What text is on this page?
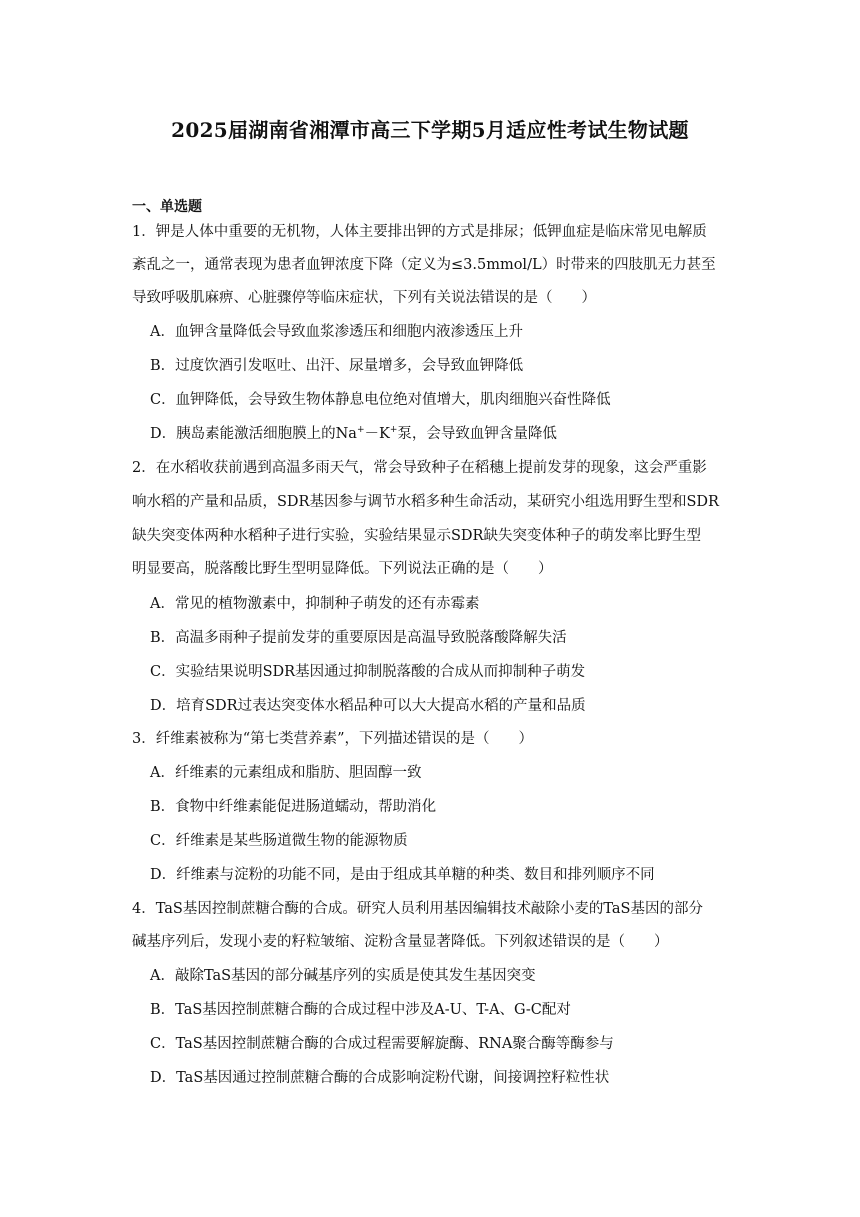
2025届湖南省湘潭市高三下学期5月适应性考试生物试题
一、单选题
1．钾是人体中重要的无机物，人体主要排出钾的方式是排尿；低钾血症是临床常见电解质
紊乱之一，通常表现为患者血钾浓度下降（定义为≤3.5mmol/L）时带来的四肢肌无力甚至
导致呼吸肌麻痹、心脏骤停等临床症状，下列有关说法错误的是（　　）
A．血钾含量降低会导致血浆渗透压和细胞内液渗透压上升
B．过度饮酒引发呕吐、出汗、尿量增多，会导致血钾降低
C．血钾降低，会导致生物体静息电位绝对值增大，肌肉细胞兴奋性降低
D．胰岛素能激活细胞膜上的Na+－K+泵，会导致血钾含量降低
2．在水稻收获前遇到高温多雨天气，常会导致种子在稻穗上提前发芽的现象，这会严重影
响水稻的产量和品质，SDR基因参与调节水稻多种生命活动，某研究小组选用野生型和SDR
缺失突变体两种水稻种子进行实验，实验结果显示SDR缺失突变体种子的萌发率比野生型
明显要高，脱落酸比野生型明显降低。下列说法正确的是（　　）
A．常见的植物激素中，抑制种子萌发的还有赤霉素
B．高温多雨种子提前发芽的重要原因是高温导致脱落酸降解失活
C．实验结果说明SDR基因通过抑制脱落酸的合成从而抑制种子萌发
D．培育SDR过表达突变体水稻品种可以大大提高水稻的产量和品质
3．纤维素被称为“第七类营养素”，下列描述错误的是（　　）
A．纤维素的元素组成和脂肪、胆固醇一致
B．食物中纤维素能促进肠道蠕动，帮助消化
C．纤维素是某些肠道微生物的能源物质
D．纤维素与淀粉的功能不同，是由于组成其单糖的种类、数目和排列顺序不同
4．TaS基因控制蔗糖合酶的合成。研究人员利用基因编辑技术敲除小麦的TaS基因的部分
碱基序列后，发现小麦的籽粒皱缩、淀粉含量显著降低。下列叙述错误的是（　　）
A．敲除TaS基因的部分碱基序列的实质是使其发生基因突变
B．TaS基因控制蔗糖合酶的合成过程中涉及A-U、T-A、G-C配对
C．TaS基因控制蔗糖合酶的合成过程需要解旋酶、RNA聚合酶等酶参与
D．TaS基因通过控制蔗糖合酶的合成影响淀粉代谢，间接调控籽粒性状
